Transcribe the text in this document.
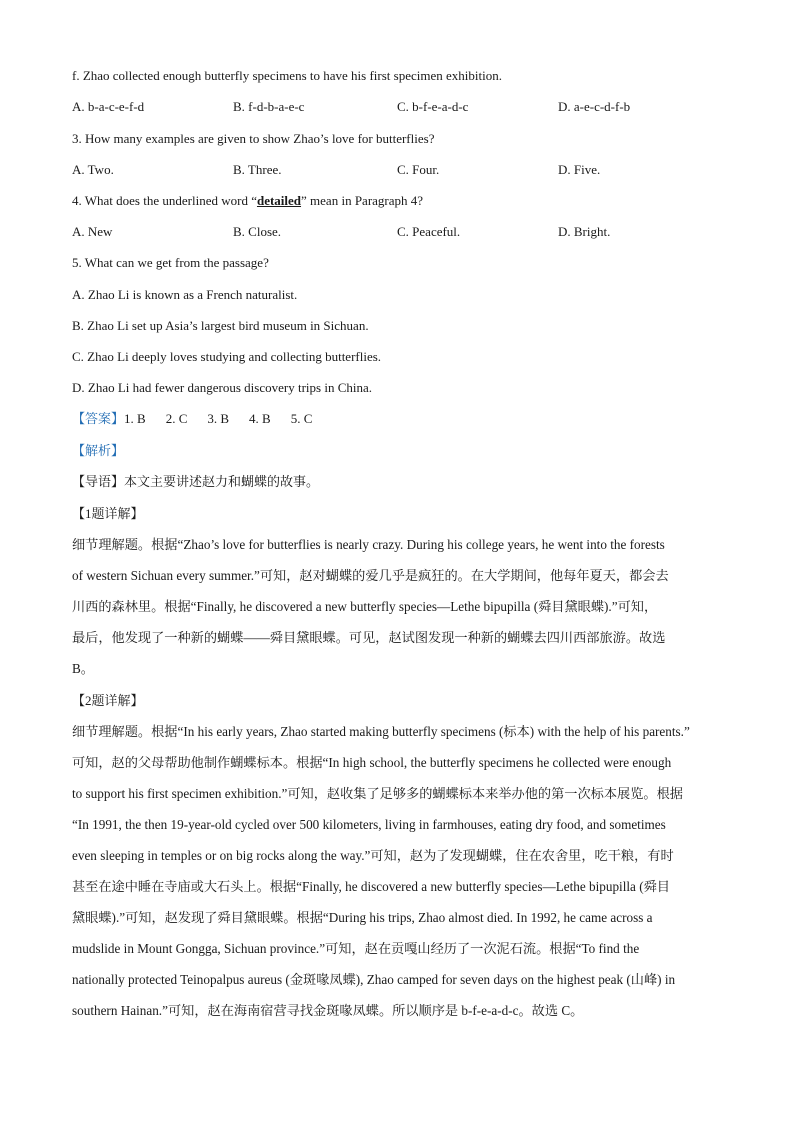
f. Zhao collected enough butterfly specimens to have his first specimen exhibition.
A. b-a-c-e-f-d	B. f-d-b-a-e-c	C. b-f-e-a-d-c	D. a-e-c-d-f-b
3. How many examples are given to show Zhao’s love for butterflies?
A. Two.	B. Three.	C. Four.	D. Five.
4. What does the underlined word “detailed” mean in Paragraph 4?
A. New	B. Close.	C. Peaceful.	D. Bright.
5. What can we get from the passage?
A. Zhao Li is known as a French naturalist.
B. Zhao Li set up Asia’s largest bird museum in Sichuan.
C. Zhao Li deeply loves studying and collecting butterflies.
D. Zhao Li had fewer dangerous discovery trips in China.
【答案】1. B 2. C 3. B 4. B 5. C
【解析】
【导语】本文主要讲述赵力和蝴蝶的故事。
【1题详解】
细节理解题。根据“Zhao’s love for butterflies is nearly crazy. During his college years, he went into the forests
of western Sichuan every summer.”可知，赵对蝴蝶的爱几乎是疯狂的。在大学期间，他每年夏天，都会去
川西的森林里。根据“Finally, he discovered a new butterfly species—Lethe bipupilla (舜目黛眼蝶).”可知，
最后，他发现了一种新的蝴蝶——舜目黛眼蝶。可见，赵试图发现一种新的蝴蝶去四川西部旅游。故选
B。
【2题详解】
细节理解题。根据“In his early years, Zhao started making butterfly specimens (标本) with the help of his parents.”
可知，赵的父母帮助他制作蝴蝶标本。根据“In high school, the butterfly specimens he collected were enough
to support his first specimen exhibition.”可知，赵收集了足够多的蝴蝶标本来举办他的第一次标本展览。根据
“In 1991, the then 19-year-old cycled over 500 kilometers, living in farmhouses, eating dry food, and sometimes
even sleeping in temples or on big rocks along the way.”可知，赵为了发现蝴蝶，住在农舍里，吃干粮，有时
甚至在途中睡在寺庙或大石头上。根据“Finally, he discovered a new butterfly species—Lethe bipupilla (舜目
黛眼蝶).”可知，赵发现了舜目黛眼蝶。根据“During his trips, Zhao almost died. In 1992, he came across a
mudslide in Mount Gongga, Sichuan province.”可知，赵在贡嘎山经历了一次泥石流。根据“To find the
nationally protected Teinopalpus aureus (金斑喙凤蝶), Zhao camped for seven days on the highest peak (山峰) in
southern Hainan.”可知，赵在海南宿营寻找金斑喙凤蝶。所以顺序是 b-f-e-a-d-c。故选 C。
